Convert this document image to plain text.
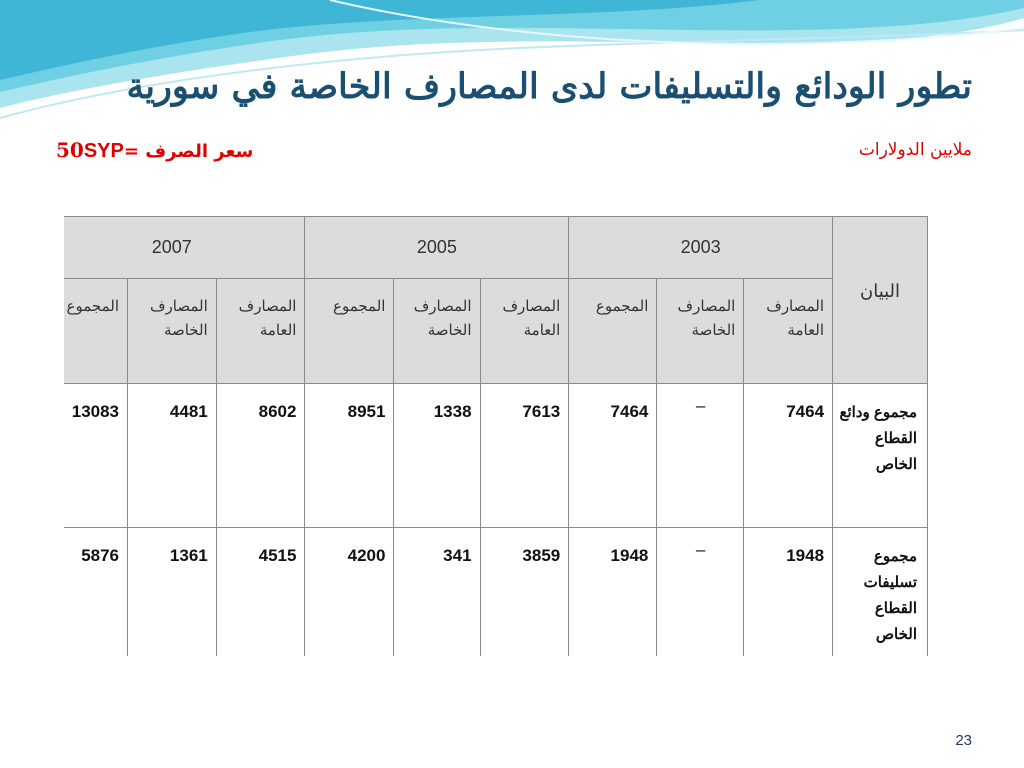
تطور الودائع والتسليفات لدى المصارف الخاصة في سورية
سعر الصرف =50SYP	ملايين الدولارات
2007			2005			2003			البيان
المجموع	المصارف الخاصة	المصارف العامة	المجموع	المصارف الخاصة	المصارف العامة	المجموع	المصارف الخاصة	المصارف العامة	
13083	4481	8602	8951	1338	7613	7464	–	7464	مجموع ودائع القطاع الخاص
5876	1361	4515	4200	341	3859	1948	–	1948	مجموع تسليفات القطاع الخاص
23
